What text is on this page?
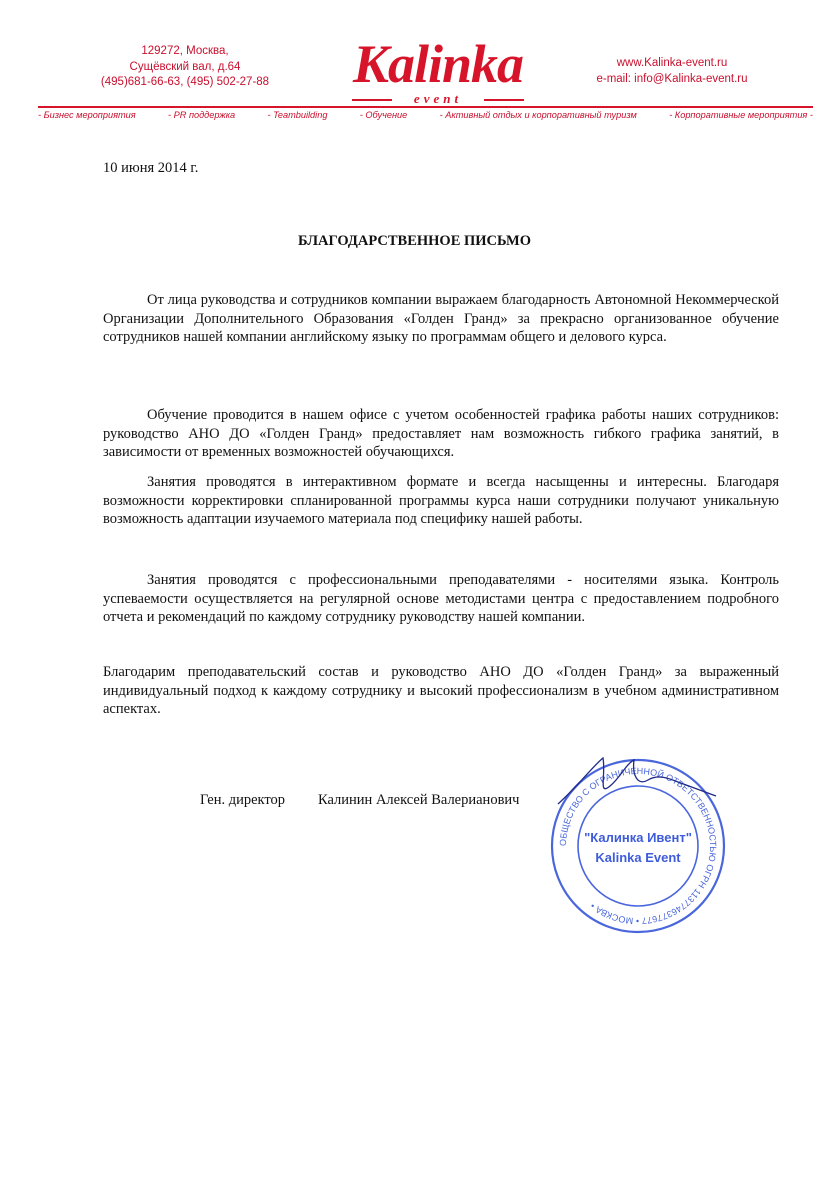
129272, Москва,
Сущёвский вал, д.64
(495)681-66-63, (495) 502-27-88	Kalinka
event
www.Kalinka-event.ru
e-mail: info@Kalinka-event.ru
- Бизнес мероприятия	- PR поддержка	- Teambuilding	- Обучение	- Активный отдых и корпоративный туризм	- Корпоративные мероприятия -
10 июня 2014 г.
БЛАГОДАРСТВЕННОЕ ПИСЬМО

От лица руководства и сотрудников компании выражаем благодарность Автономной Некоммерческой Организации Дополнительного Образования «Голден Гранд» за прекрасно организованное обучение сотрудников нашей компании английскому языку по программам общего и делового курса.

Обучение проводится в нашем офисе с учетом особенностей графика работы наших сотрудников: руководство АНО ДО «Голден Гранд» предоставляет нам возможность гибкого графика занятий, в зависимости от временных возможностей обучающихся.

Занятия проводятся в интерактивном формате и всегда насыщенны и интересны. Благодаря возможности корректировки спланированной программы курса наши сотрудники получают уникальную возможность адаптации изучаемого материала под специфику нашей работы.

Занятия проводятся с профессиональными преподавателями - носителями языка. Контроль успеваемости осуществляется на регулярной основе методистами центра с предоставлением подробного отчета и рекомендаций по каждому сотруднику руководству нашей компании.

Благодарим преподавательский состав и руководство АНО ДО «Голден Гранд» за выраженный индивидуальный подход к каждому сотруднику и высокий профессионализм в учебном административном аспектах.

Ген. директор Калинин Алексей Валерианович
ОБЩЕСТВО С ОГРАНИЧЕННОЙ ОТВЕТСТВЕННОСТЬЮ ОГРН 1137746377677 • МОСКВА •
"Калинка Ивент"
Kalinka Event
